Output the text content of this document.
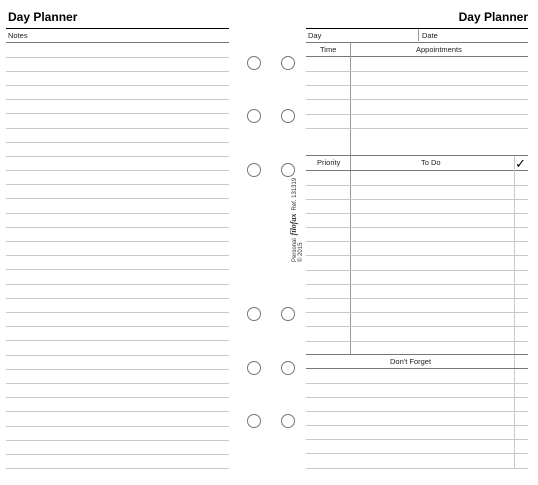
Day Planner
Notes
PersonalfilofaxRef. 131319
© 2015
Day Planner
Day	Date
Time	Appointments
Priority	To Do	✓
Don't Forget
